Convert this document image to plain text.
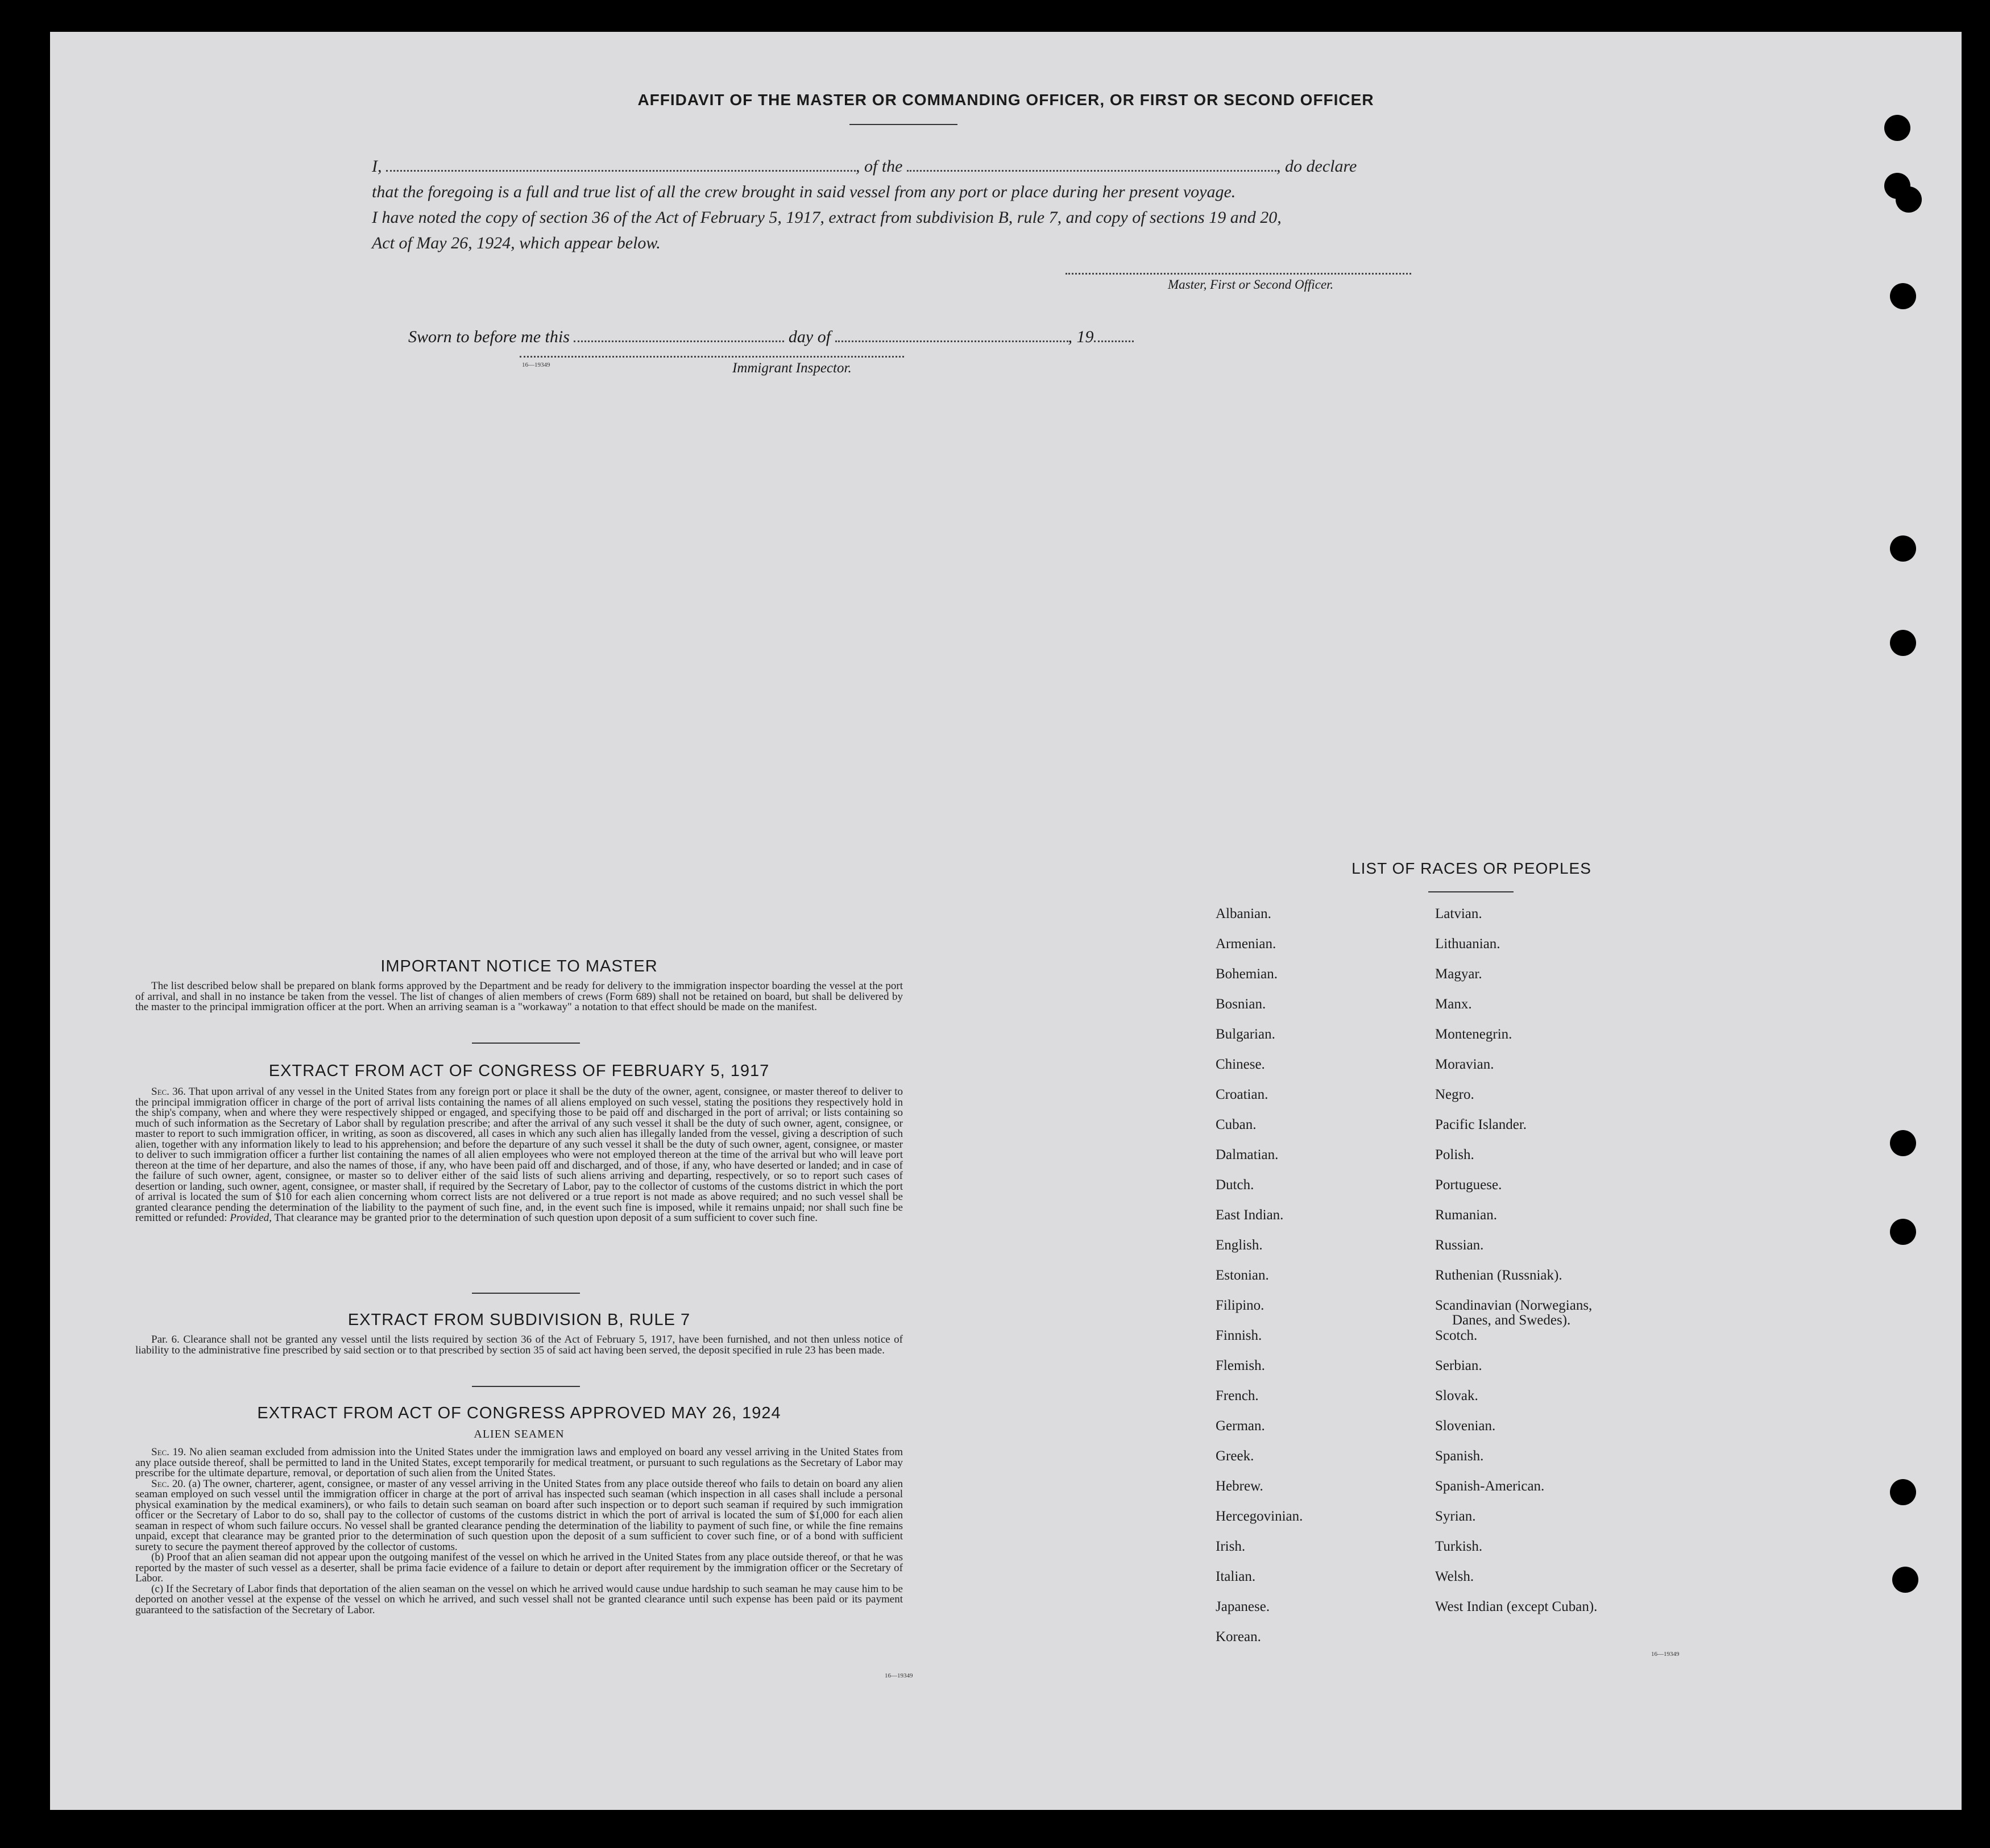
AFFIDAVIT OF THE MASTER OR COMMANDING OFFICER, OR FIRST OR SECOND OFFICER
I,	, of the	, do declare
that the foregoing is a full and true list of all the crew brought in said vessel from any port or place during her present voyage.
I have noted the copy of section 36 of the Act of February 5, 1917, extract from subdivision B, rule 7, and copy of sections 19 and 20,
Act of May 26, 1924, which appear below.
Master, First or Second Officer.
Sworn to before me this	day of	, 19
16—19349	Immigrant Inspector.
IMPORTANT NOTICE TO MASTER
The list described below shall be prepared on blank forms approved by the Department and be ready for delivery to the immigration inspector boarding the vessel at the port of arrival, and shall in no instance be taken from the vessel. The list of changes of alien members of crews (Form 689) shall not be retained on board, but shall be delivered by the master to the principal immigration officer at the port. When an arriving seaman is a "workaway" a notation to that effect should be made on the manifest.
EXTRACT FROM ACT OF CONGRESS OF FEBRUARY 5, 1917
Sec. 36. That upon arrival of any vessel in the United States from any foreign port or place it shall be the duty of the owner, agent, consignee, or master thereof to deliver to the principal immigration officer in charge of the port of arrival lists containing the names of all aliens employed on such vessel, stating the positions they respectively hold in the ship's company, when and where they were respectively shipped or engaged, and specifying those to be paid off and discharged in the port of arrival; or lists containing so much of such information as the Secretary of Labor shall by regulation prescribe; and after the arrival of any such vessel it shall be the duty of such owner, agent, consignee, or master to report to such immigration officer, in writing, as soon as discovered, all cases in which any such alien has illegally landed from the vessel, giving a description of such alien, together with any information likely to lead to his apprehension; and before the departure of any such vessel it shall be the duty of such owner, agent, consignee, or master to deliver to such immigration officer a further list containing the names of all alien employees who were not employed thereon at the time of the arrival but who will leave port thereon at the time of her departure, and also the names of those, if any, who have been paid off and discharged, and of those, if any, who have deserted or landed; and in case of the failure of such owner, agent, consignee, or master so to deliver either of the said lists of such aliens arriving and departing, respectively, or so to report such cases of desertion or landing, such owner, agent, consignee, or master shall, if required by the Secretary of Labor, pay to the collector of customs of the customs district in which the port of arrival is located the sum of $10 for each alien concerning whom correct lists are not delivered or a true report is not made as above required; and no such vessel shall be granted clearance pending the determination of the liability to the payment of such fine, and, in the event such fine is imposed, while it remains unpaid; nor shall such fine be remitted or refunded: Provided, That clearance may be granted prior to the determination of such question upon deposit of a sum sufficient to cover such fine.
EXTRACT FROM SUBDIVISION B, RULE 7
Par. 6. Clearance shall not be granted any vessel until the lists required by section 36 of the Act of February 5, 1917, have been furnished, and not then unless notice of liability to the administrative fine prescribed by said section or to that prescribed by section 35 of said act having been served, the deposit specified in rule 23 has been made.
EXTRACT FROM ACT OF CONGRESS APPROVED MAY 26, 1924
ALIEN SEAMEN

Sec. 19. No alien seaman excluded from admission into the United States under the immigration laws and employed on board any vessel arriving in the United States from any place outside thereof, shall be permitted to land in the United States, except temporarily for medical treatment, or pursuant to such regulations as the Secretary of Labor may prescribe for the ultimate departure, removal, or deportation of such alien from the United States.

Sec. 20. (a) The owner, charterer, agent, consignee, or master of any vessel arriving in the United States from any place outside thereof who fails to detain on board any alien seaman employed on such vessel until the immigration officer in charge at the port of arrival has inspected such seaman (which inspection in all cases shall include a personal physical examination by the medical examiners), or who fails to detain such seaman on board after such inspection or to deport such seaman if required by such immigration officer or the Secretary of Labor to do so, shall pay to the collector of customs of the customs district in which the port of arrival is located the sum of $1,000 for each alien seaman in respect of whom such failure occurs. No vessel shall be granted clearance pending the determination of the liability to payment of such fine, or while the fine remains unpaid, except that clearance may be granted prior to the determination of such question upon the deposit of a sum sufficient to cover such fine, or of a bond with sufficient surety to secure the payment thereof approved by the collector of customs.

(b) Proof that an alien seaman did not appear upon the outgoing manifest of the vessel on which he arrived in the United States from any place outside thereof, or that he was reported by the master of such vessel as a deserter, shall be prima facie evidence of a failure to detain or deport after requirement by the immigration officer or the Secretary of Labor.

(c) If the Secretary of Labor finds that deportation of the alien seaman on the vessel on which he arrived would cause undue hardship to such seaman he may cause him to be deported on another vessel at the expense of the vessel on which he arrived, and such vessel shall not be granted clearance until such expense has been paid or its payment guaranteed to the satisfaction of the Secretary of Labor.

16—19349
LIST OF RACES OR PEOPLES
Albanian.
Armenian.
Bohemian.
Bosnian.
Bulgarian.
Chinese.
Croatian.
Cuban.
Dalmatian.
Dutch.
East Indian.
English.
Estonian.
Filipino.
Finnish.
Flemish.
French.
German.
Greek.
Hebrew.
Hercegovinian.
Irish.
Italian.
Japanese.
Korean.
Latvian.
Lithuanian.
Magyar.
Manx.
Montenegrin.
Moravian.
Negro.
Pacific Islander.
Polish.
Portuguese.
Rumanian.
Russian.
Ruthenian (Russniak).
Scandinavian (Norwegians,
Danes, and Swedes).
Scotch.
Serbian.
Slovak.
Slovenian.
Spanish.
Spanish-American.
Syrian.
Turkish.
Welsh.
West Indian (except Cuban).
16—19349
